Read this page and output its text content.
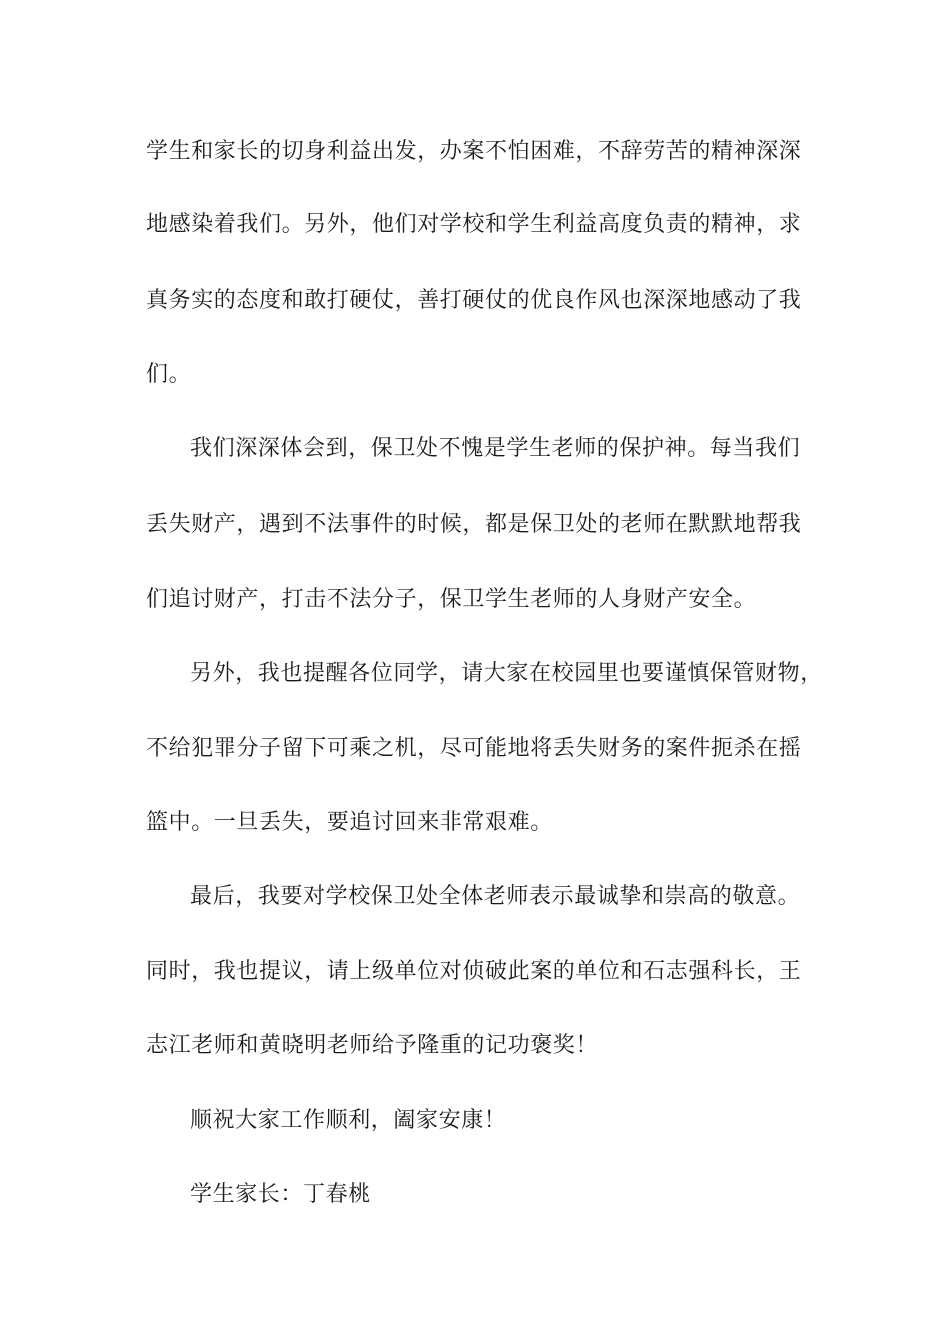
学生和家长的切身利益出发，办案不怕困难，不辞劳苦的精神深深
地感染着我们。另外，他们对学校和学生利益高度负责的精神，求
真务实的态度和敢打硬仗，善打硬仗的优良作风也深深地感动了我
们。
我们深深体会到，保卫处不愧是学生老师的保护神。每当我们
丢失财产，遇到不法事件的时候，都是保卫处的老师在默默地帮我
们追讨财产，打击不法分子，保卫学生老师的人身财产安全。
另外，我也提醒各位同学，请大家在校园里也要谨慎保管财物，
不给犯罪分子留下可乘之机，尽可能地将丢失财务的案件扼杀在摇
篮中。一旦丢失，要追讨回来非常艰难。
最后，我要对学校保卫处全体老师表示最诚挚和崇高的敬意。
同时，我也提议，请上级单位对侦破此案的单位和石志强科长，王
志江老师和黄晓明老师给予隆重的记功褒奖！
顺祝大家工作顺利，阖家安康！
学生家长：丁春桃
